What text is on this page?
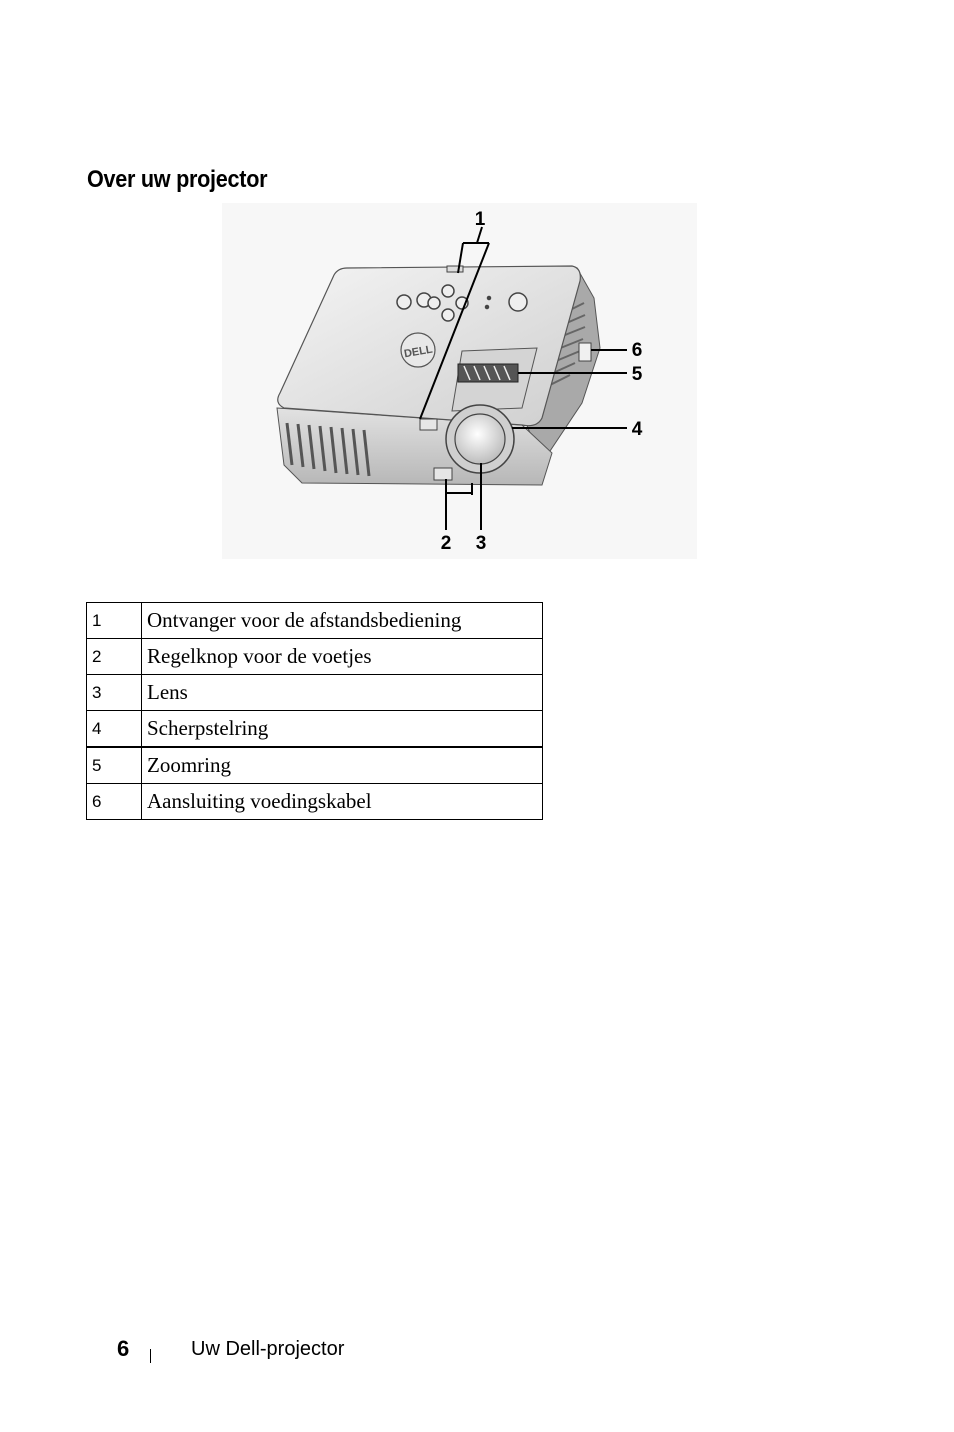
Over uw projector
DELL
1
2 3
4
5
6
1	Ontvanger voor de afstandsbediening
2	Regelknop voor de voetjes
3	Lens
4	Scherpstelring
5	Zoomring
6	Aansluiting voedingskabel
6	Uw Dell-projector
